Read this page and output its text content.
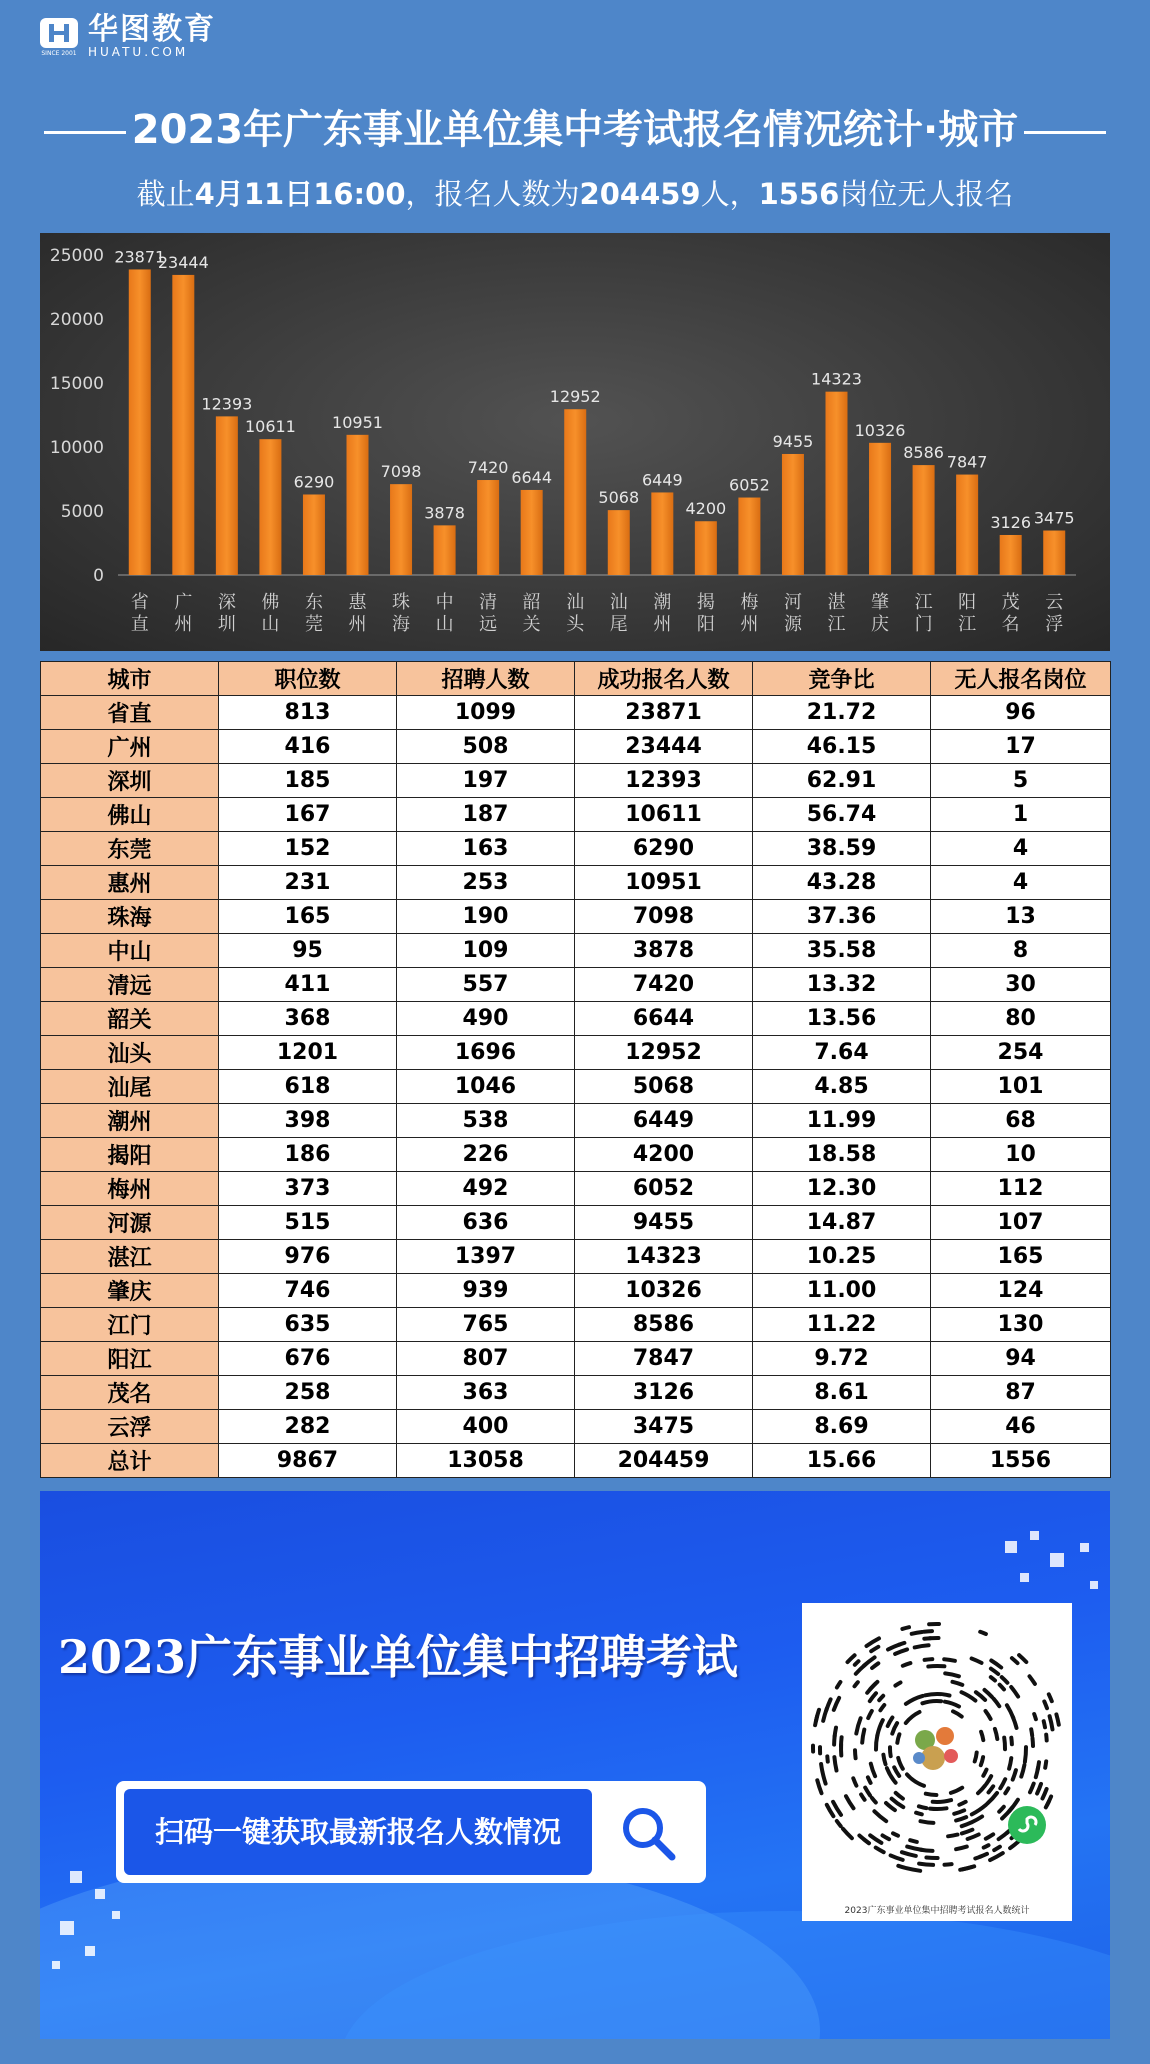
SINCE 2001
华图教育
HUATU.COM
2023年广东事业单位集中考试报名情况统计·城市
截止4月11日16:00，报名人数为204459人，1556岗位无人报名
0
5000
10000
15000
20000
25000 23871
省
直
23444
广
州
12393
深
圳
10611
佛
山
6290
东
莞
10951
惠
州
7098
珠
海
3878
中
山
7420
清
远
6644
韶
关
12952
汕
头
5068
汕
尾
6449
潮
州
4200
揭
阳
6052
梅
州
9455
河
源
14323
湛
江
10326
肇
庆
8586
江
门
7847
阳
江
3126
茂
名
3475
云
浮
城市	职位数	招聘人数	成功报名人数	竞争比	无人报名岗位
省直	813	1099	23871	21.72	96
广州	416	508	23444	46.15	17
深圳	185	197	12393	62.91	5
佛山	167	187	10611	56.74	1
东莞	152	163	6290	38.59	4
惠州	231	253	10951	43.28	4
珠海	165	190	7098	37.36	13
中山	95	109	3878	35.58	8
清远	411	557	7420	13.32	30
韶关	368	490	6644	13.56	80
汕头	1201	1696	12952	7.64	254
汕尾	618	1046	5068	4.85	101
潮州	398	538	6449	11.99	68
揭阳	186	226	4200	18.58	10
梅州	373	492	6052	12.30	112
河源	515	636	9455	14.87	107
湛江	976	1397	14323	10.25	165
肇庆	746	939	10326	11.00	124
江门	635	765	8586	11.22	130
阳江	676	807	7847	9.72	94
茂名	258	363	3126	8.61	87
云浮	282	400	3475	8.69	46
总计	9867	13058	204459	15.66	1556
2023广东事业单位集中招聘考试
扫码一键获取最新报名人数情况
2023广东事业单位集中招聘考试报名人数统计
